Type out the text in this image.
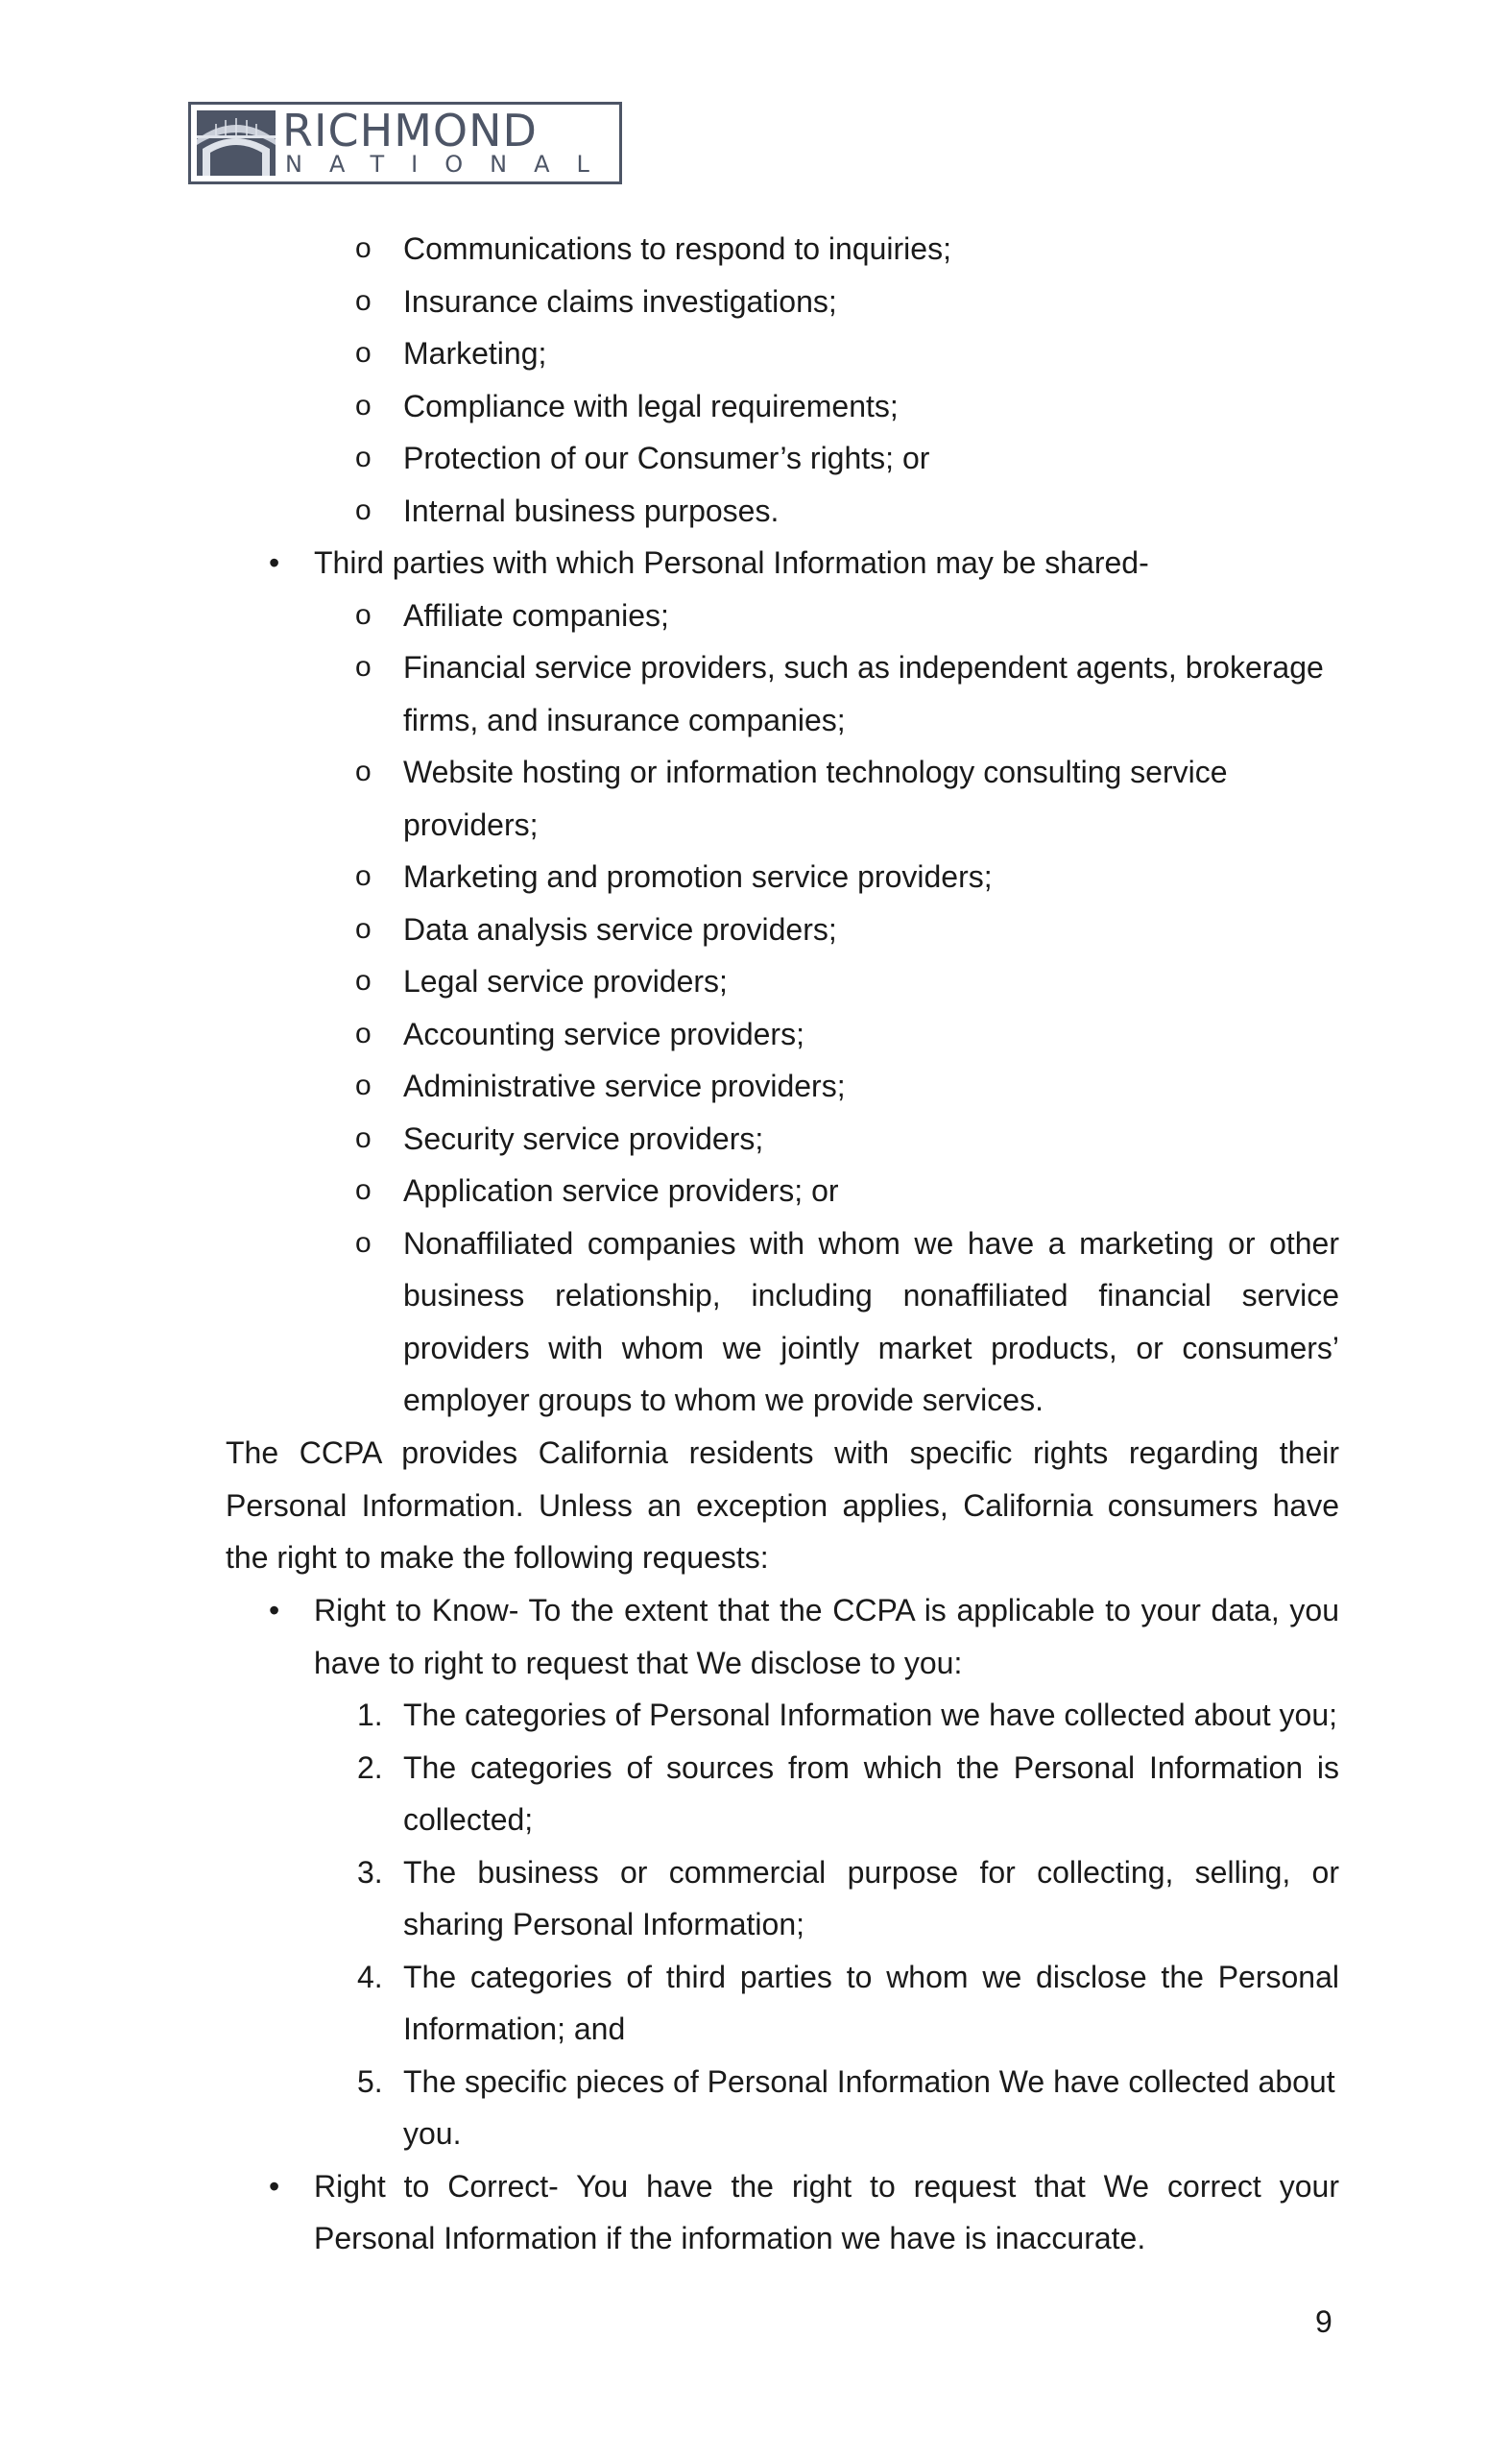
RICHMOND
NATIONAL
o Communications to respond to inquiries;
o Insurance claims investigations;
o Marketing;
o Compliance with legal requirements;
o Protection of our Consumer’s rights; or
o Internal business purposes.
• Third parties with which Personal Information may be shared-
o Affiliate companies;
o Financial service providers, such as independent agents, brokerage firms, and insurance companies;
o Website hosting or information technology consulting service providers;
o Marketing and promotion service providers;
o Data analysis service providers;
o Legal service providers;
o Accounting service providers;
o Administrative service providers;
o Security service providers;
o Application service providers; or
o Nonaffiliated companies with whom we have a marketing or other business relationship, including nonaffiliated financial service providers with whom we jointly market products, or consumers’ employer groups to whom we provide services.

The CCPA provides California residents with specific rights regarding their Personal Information. Unless an exception applies, California consumers have the right to make the following requests:

• Right to Know- To the extent that the CCPA is applicable to your data, you have to right to request that We disclose to you:
1. The categories of Personal Information we have collected about you;
2. The categories of sources from which the Personal Information is collected;
3. The business or commercial purpose for collecting, selling, or sharing Personal Information;
4. The categories of third parties to whom we disclose the Personal Information; and
5. The specific pieces of Personal Information We have collected about you.
• Right to Correct- You have the right to request that We correct your Personal Information if the information we have is inaccurate.
9
